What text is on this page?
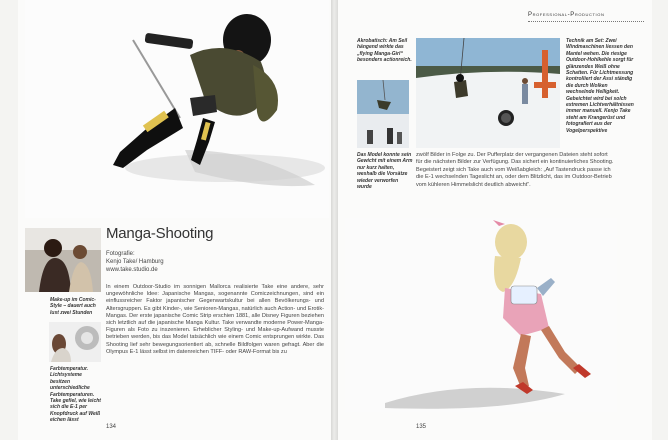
Make-up im Comic-Style – dauert auch lust zwei Stunden
Farbtemperatur. Lichtsysteme besitzen unterschiedliche Farbtemperaturen. Take gefiel, wie leicht sich die E-1 per Knopfdruck auf Weiß eichen lässt
Manga-Shooting
Fotografie:
Kenjo Take/ Hamburg
www.take.studio.de
In einem Outdoor-Studio im sonnigen Mallorca realisierte Take eine andere, sehr ungewöhnliche Idee: Japanische Mangas, sogenannte Comiczeichnungen, sind ein einflussreicher Faktor japanischer Gegenwartskultur bei allen Bevölkerungs- und Altersgruppen. Es gibt Kinder-, wie Senioren-Mangas, natürlich auch Action- und Erotik-Mangas. Der erste japanische Comic Strip erschien 1881, alle Disney Figuren beziehen sich letztlich auf die japanische Manga Kultur. Take verwandte moderne Power-Manga-Figuren als Foto zu inszenieren. Erheblicher Styling- und Make-up-Aufwand musste betrieben werden, bis das Model tatsächlich wie einem Comic entsprungen wirkte. Das Shooting lief sehr bewegungsorientiert ab, schnelle Bildfolgen waren gefragt. Aber die Olympus E-1 lässt selbst im datenreichen TIFF- oder RAW-Format bis zu
134
Professional-Production
Akrobatisch: Am Seil hängend wirkte das „flying Manga-Girl“ besonders actionreich.
Das Model konnte sein Gewicht mit einem Arm nur kurz halten, weshalb die Vorsätze wieder verworfen wurde
Technik am Set: Zwei Windmaschinen liessen den Mantel wehen. Die riesige Outdoor-Hohlkehle sorgt für glänzendes Weiß ohne Schatten. Für Lichtmessung kontrolliert der Assi ständig die durch Wolken wechselnde Helligkeit. Gebeichtet wird bei solch extremen Lichtverhältnissen immer manuell. Kenjo Take steht am Krangerüst und fotografiert aus der Vogelperspektive
zwölf Bilder in Folge zu. Der Pufferplatz der vergangenen Dateien steht sofort für die nächsten Bilder zur Verfügung. Das sichert ein kontinuierliches Shooting. Begeistert zeigt sich Take auch vom Weißabgleich: „Auf Tastendruck passe ich die E-1 wechselnden Tageslicht an, oder dem Blitzlicht, das im Outdoor-Betrieb vom kühleren Himmelslicht deutlich abweicht“.
135
